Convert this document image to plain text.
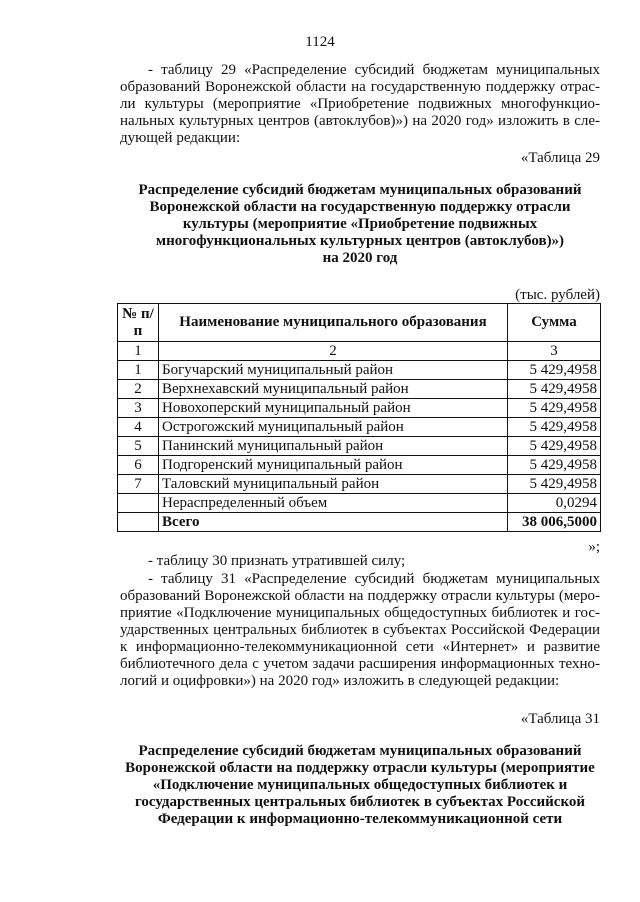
1124
- таблицу 29 «Распределение субсидий бюджетам муниципальных образований Воронежской области на государственную поддержку отрас- ли культуры (мероприятие «Приобретение подвижных многофункцио- нальных культурных центров (автоклубов)») на 2020 год» изложить в сле- дующей редакции:
«Таблица 29
Распределение субсидий бюджетам муниципальных образований
Воронежской области на государственную поддержку отрасли
культуры (мероприятие «Приобретение подвижных
многофункциональных культурных центров (автоклубов)»)
на 2020 год
(тыс. рублей)
№ п/п	Наименование муниципального образования	Сумма
1	2	3
1	Богучарский муниципальный район	5 429,4958
2	Верхнехавский муниципальный район	5 429,4958
3	Новохоперский муниципальный район	5 429,4958
4	Острогожский муниципальный район	5 429,4958
5	Панинский муниципальный район	5 429,4958
6	Подгоренский муниципальный район	5 429,4958
7	Таловский муниципальный район	5 429,4958
	Нераспределенный объем	0,0294
	Всего	38 006,5000
»;
- таблицу 30 признать утратившей силу;
- таблицу 31 «Распределение субсидий бюджетам муниципальных образований Воронежской области на поддержку отрасли культуры (меро- приятие «Подключение муниципальных общедоступных библиотек и гос- ударственных центральных библиотек в субъектах Российской Федерации к информационно-телекоммуникационной сети «Интернет» и развитие библиотечного дела с учетом задачи расширения информационных техно- логий и оцифровки») на 2020 год» изложить в следующей редакции:
«Таблица 31
Распределение субсидий бюджетам муниципальных образований
Воронежской области на поддержку отрасли культуры (мероприятие
«Подключение муниципальных общедоступных библиотек и
государственных центральных библиотек в субъектах Российской
Федерации к информационно-телекоммуникационной сети
